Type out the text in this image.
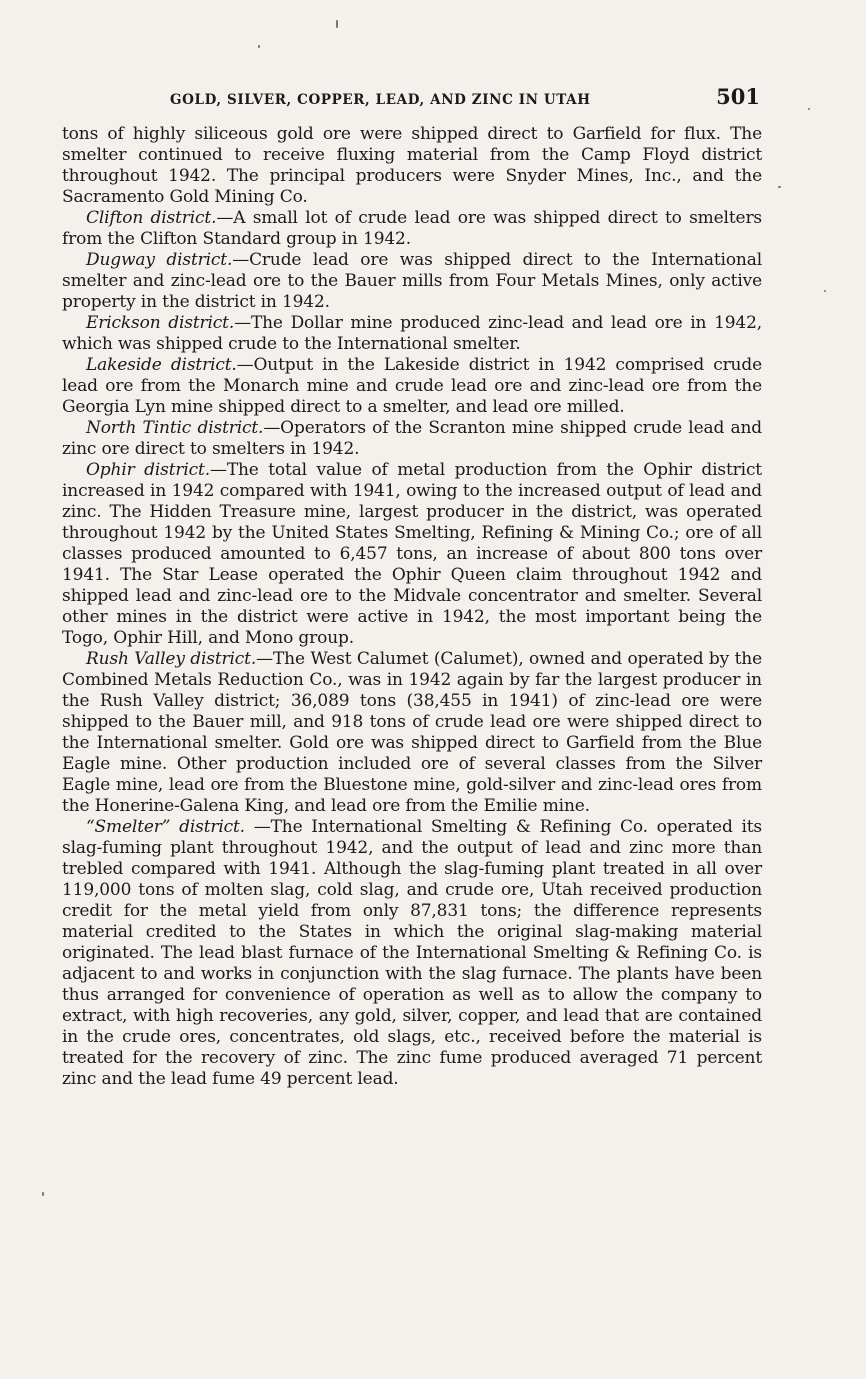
GOLD, SILVER, COPPER, LEAD, AND ZINC IN UTAH	501

tons of highly siliceous gold ore were shipped direct to Garfield for flux. The smelter continued to receive fluxing material from the Camp Floyd district throughout 1942. The principal producers were Snyder Mines, Inc., and the Sacramento Gold Mining Co.

Clifton district.—A small lot of crude lead ore was shipped direct to smelters from the Clifton Standard group in 1942.

Dugway district.—Crude lead ore was shipped direct to the International smelter and zinc-lead ore to the Bauer mills from Four Metals Mines, only active property in the district in 1942.

Erickson district.—The Dollar mine produced zinc-lead and lead ore in 1942, which was shipped crude to the International smelter.

Lakeside district.—Output in the Lakeside district in 1942 comprised crude lead ore from the Monarch mine and crude lead ore and zinc-lead ore from the Georgia Lyn mine shipped direct to a smelter, and lead ore milled.

North Tintic district.—Operators of the Scranton mine shipped crude lead and zinc ore direct to smelters in 1942.

Ophir district.—The total value of metal production from the Ophir district increased in 1942 compared with 1941, owing to the increased output of lead and zinc. The Hidden Treasure mine, largest producer in the district, was operated throughout 1942 by the United States Smelting, Refining & Mining Co.; ore of all classes produced amounted to 6,457 tons, an increase of about 800 tons over 1941. The Star Lease operated the Ophir Queen claim throughout 1942 and shipped lead and zinc-lead ore to the Midvale concentrator and smelter. Several other mines in the district were active in 1942, the most important being the Togo, Ophir Hill, and Mono group.

Rush Valley district.—The West Calumet (Calumet), owned and operated by the Combined Metals Reduction Co., was in 1942 again by far the largest producer in the Rush Valley district; 36,089 tons (38,455 in 1941) of zinc-lead ore were shipped to the Bauer mill, and 918 tons of crude lead ore were shipped direct to the International smelter. Gold ore was shipped direct to Garfield from the Blue Eagle mine. Other production included ore of several classes from the Silver Eagle mine, lead ore from the Bluestone mine, gold-silver and zinc-lead ores from the Honerine-Galena King, and lead ore from the Emilie mine.

“Smelter” district. —The International Smelting & Refining Co. operated its slag-fuming plant throughout 1942, and the output of lead and zinc more than trebled compared with 1941. Although the slag-fuming plant treated in all over 119,000 tons of molten slag, cold slag, and crude ore, Utah received production credit for the metal yield from only 87,831 tons; the difference represents material credited to the States in which the original slag-making material originated. The lead blast furnace of the International Smelting & Refining Co. is adjacent to and works in conjunction with the slag furnace. The plants have been thus arranged for convenience of operation as well as to allow the company to extract, with high recoveries, any gold, silver, copper, and lead that are contained in the crude ores, concentrates, old slags, etc., received before the material is treated for the recovery of zinc. The zinc fume produced averaged 71 percent zinc and the lead fume 49 percent lead.
